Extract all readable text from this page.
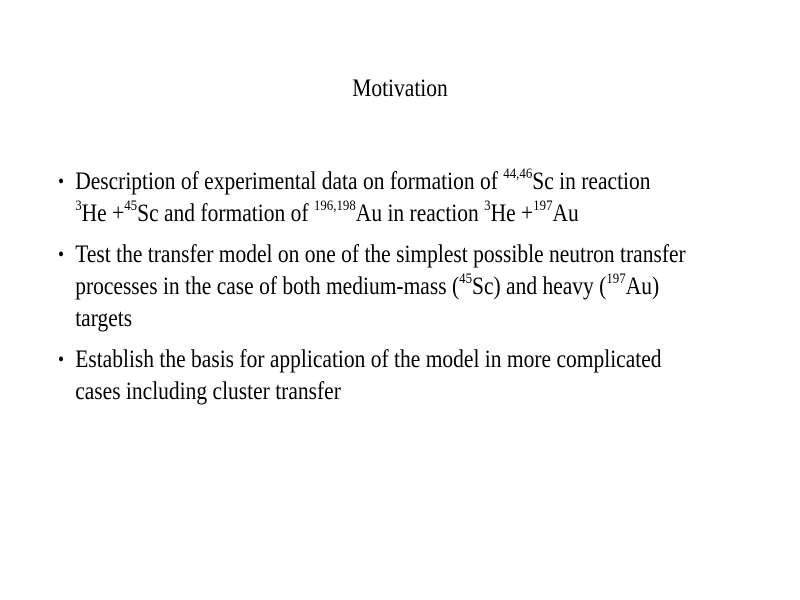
Motivation
• Description of experimental data on formation of $^{44,46}$Sc in reaction
$^3$He +$^{45}$Sc and formation of $^{196,198}$Au in reaction $^3$He +$^{197}$Au
• Test the transfer model on one of the simplest possible neutron transfer
processes in the case of both medium-mass ($^{45}$Sc) and heavy ($^{197}$Au)
targets
• Establish the basis for application of the model in more complicated
cases including cluster transfer
